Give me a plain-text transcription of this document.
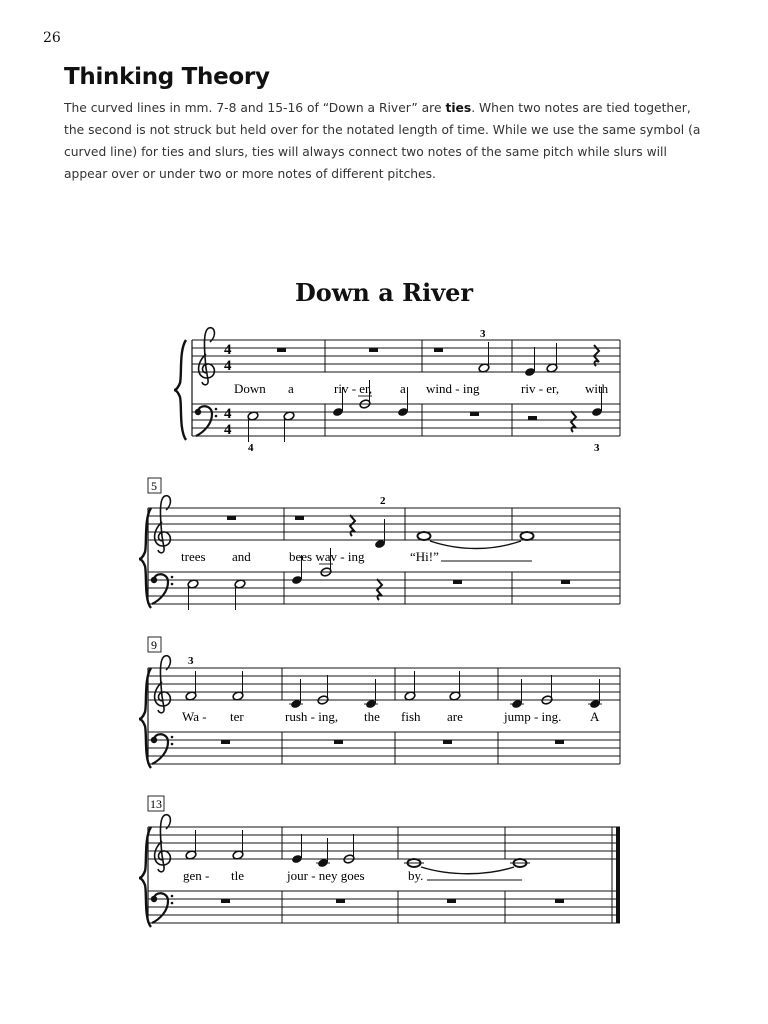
26
Thinking Theory
The curved lines in mm. 7-8 and 15-16 of “Down a River” are ties. When two notes are tied together, the second is not struck but held over for the notated length of time. While we use the same symbol (a curved line) for ties and slurs, ties will always connect two notes of the same pitch while slurs will appear over or under two or more notes of different pitches.
Down a River
4
4
4
4
3
Down a	riv - er, a wind - ing	riv - er, with
4	3
5
2
trees and	bees wav - ing	“Hi!”
9
3
Wa - ter	rush - ing, the fish are	jump - ing. A
13
gen - tle	jour - ney goes	by.
